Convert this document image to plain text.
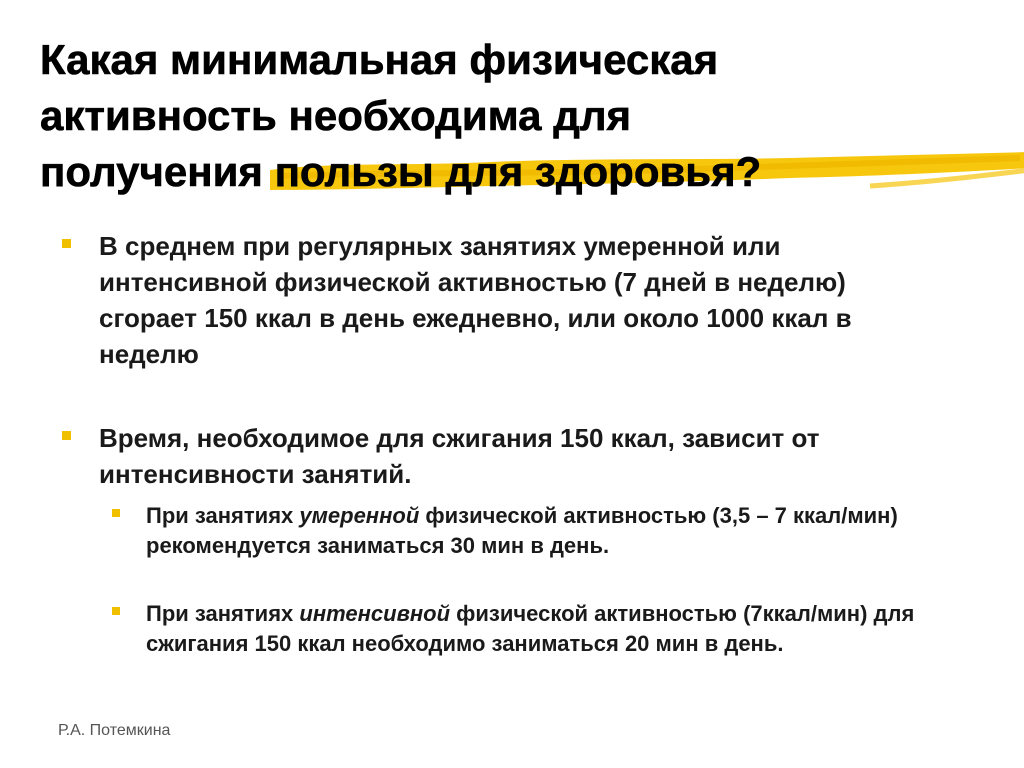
Какая минимальная физическая
активность необходима для
получения пользы для здоровья?
В среднем при регулярных занятиях умеренной или интенсивной физической активностью (7 дней в неделю) сгорает 150 ккал в день ежедневно, или около 1000 ккал в неделю
Время, необходимое для сжигания 150 ккал, зависит от интенсивности занятий.
При занятиях умеренной физической активностью (3,5 – 7 ккал/мин) рекомендуется заниматься 30 мин в день.
При занятиях интенсивной физической активностью (7ккал/мин) для сжигания 150 ккал необходимо заниматься 20 мин в день.
Р.А. Потемкина
